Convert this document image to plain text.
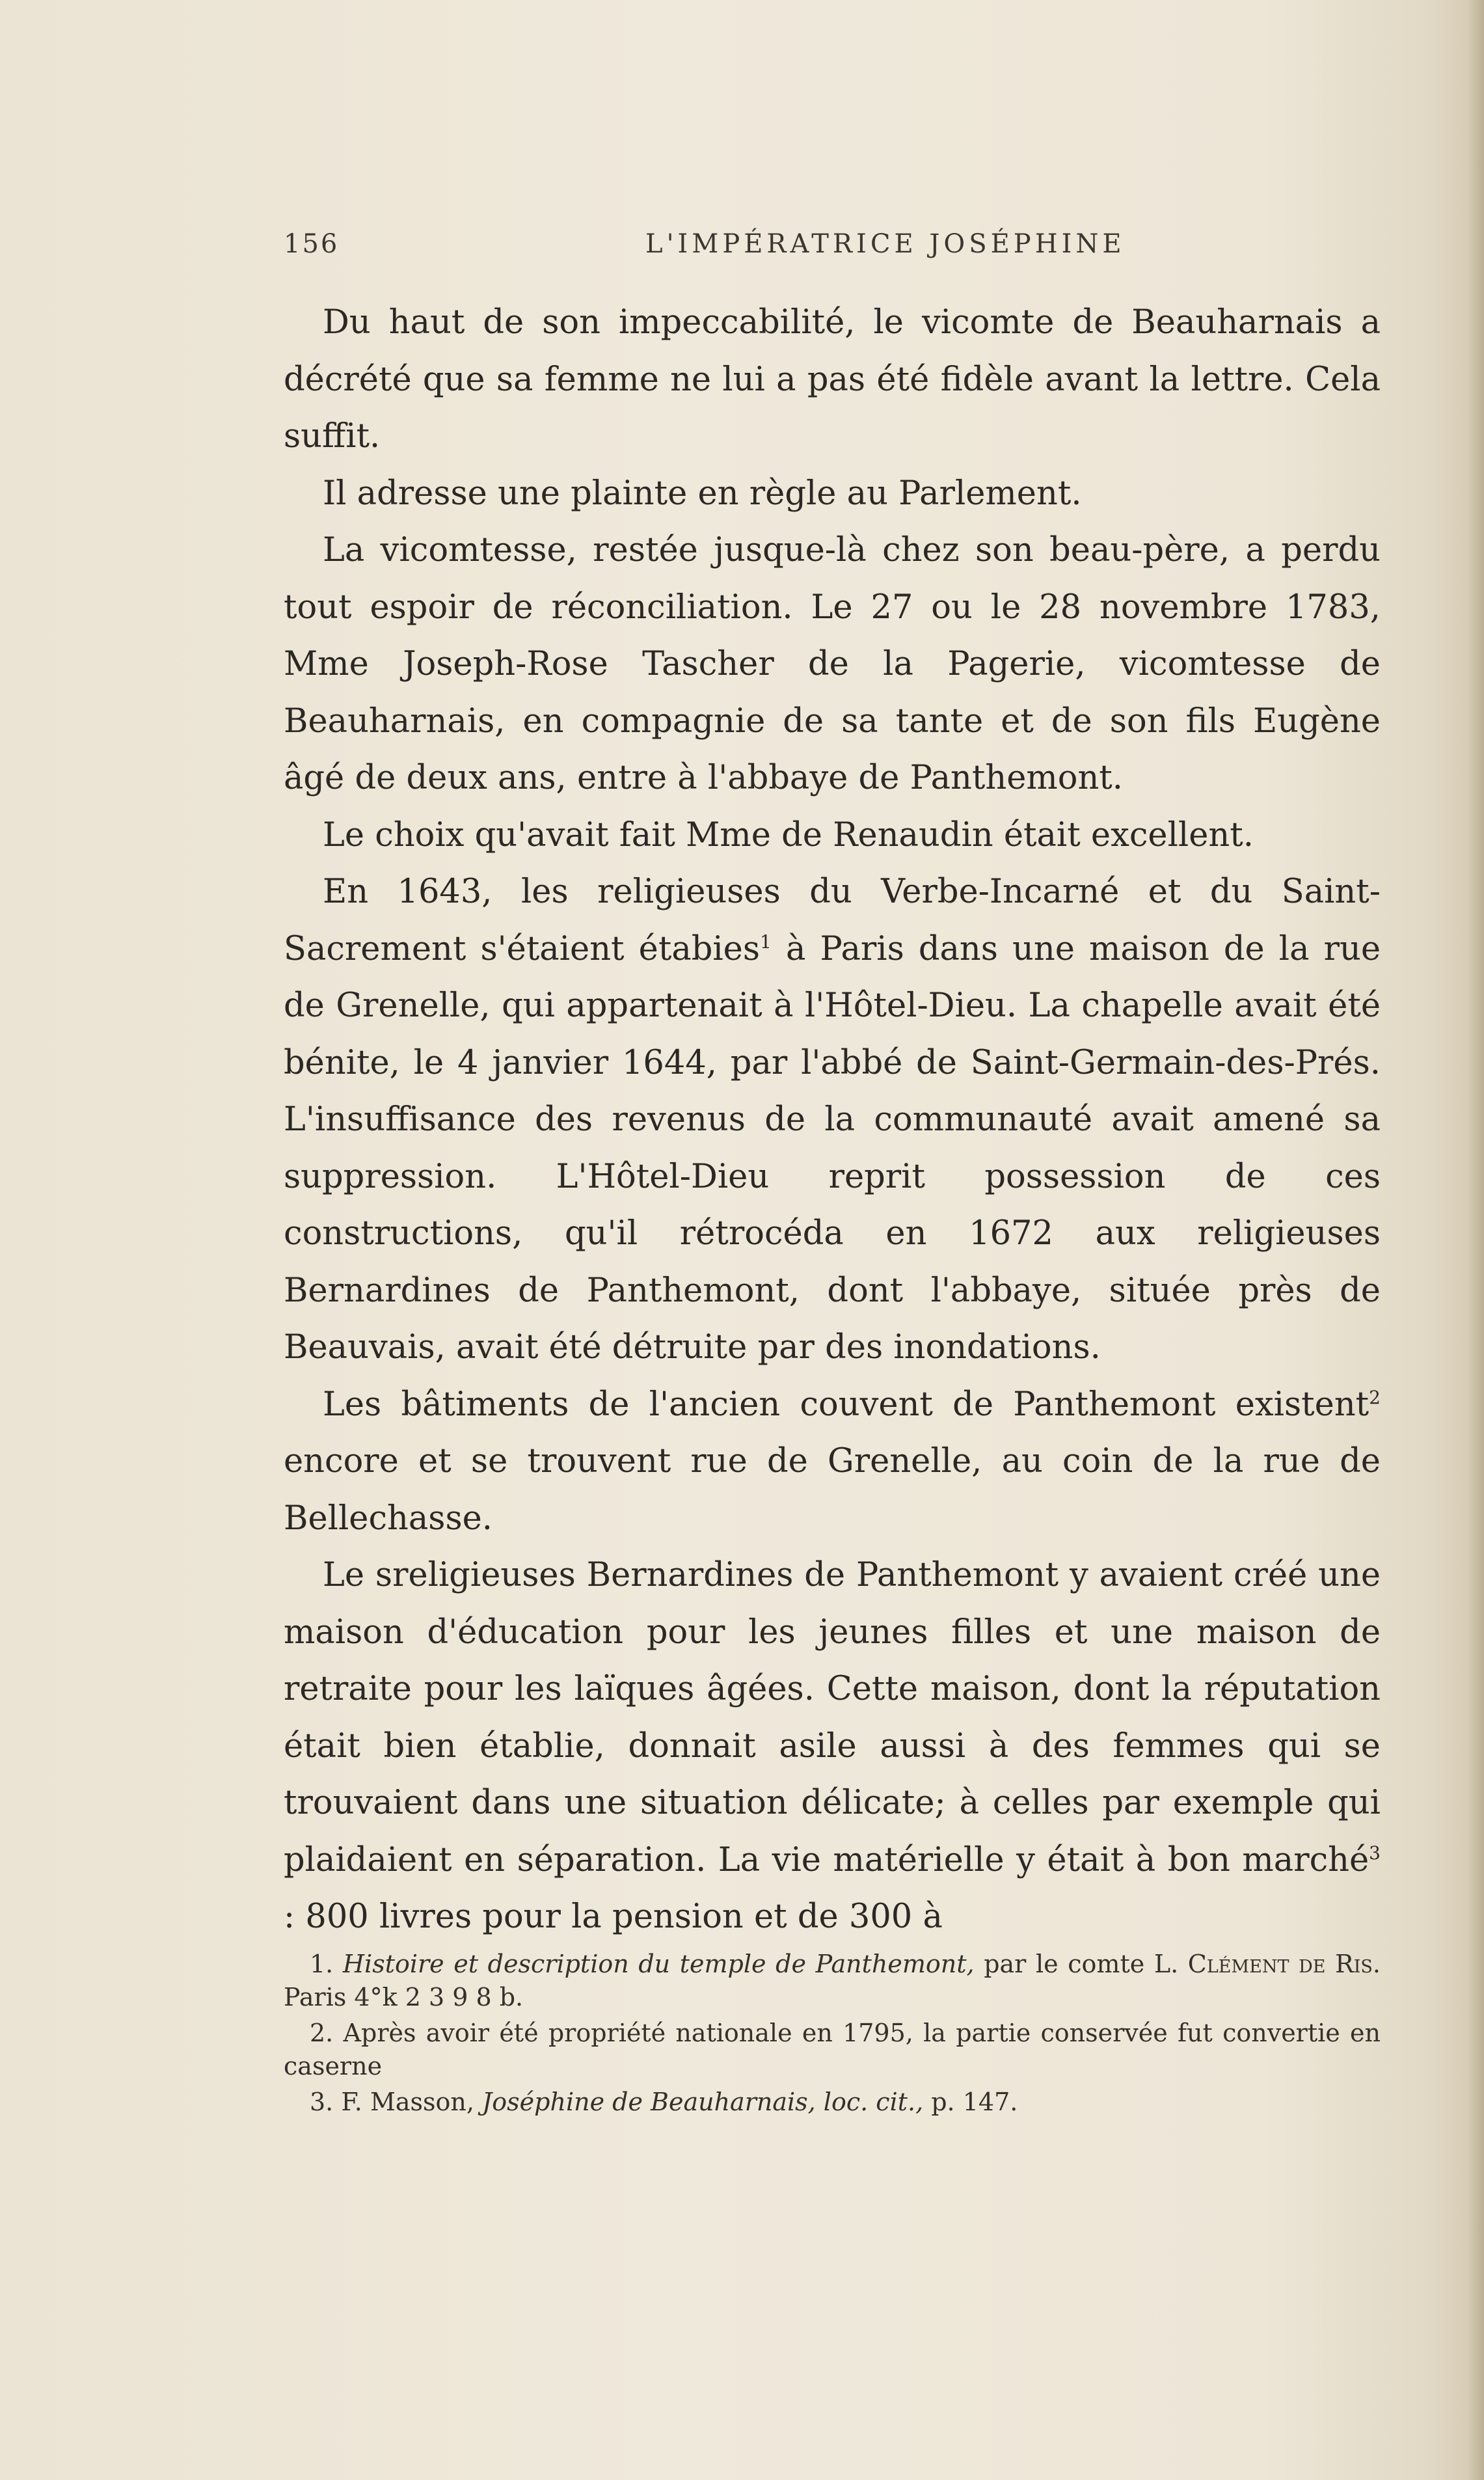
156	L'IMPÉRATRICE JOSÉPHINE

Du haut de son impeccabilité, le vicomte de Beauharnais a décrété que sa femme ne lui a pas été fidèle avant la lettre. Cela suffit.

Il adresse une plainte en règle au Parlement.

La vicomtesse, restée jusque-là chez son beau-père, a perdu tout espoir de réconciliation. Le 27 ou le 28 novembre 1783, Mme Joseph-Rose Tascher de la Pagerie, vicomtesse de Beauharnais, en compagnie de sa tante et de son fils Eugène âgé de deux ans, entre à l'abbaye de Panthemont.

Le choix qu'avait fait Mme de Renaudin était excellent.

En 1643, les religieuses du Verbe-Incarné et du Saint-Sacrement s'étaient étabies$^1$ à Paris dans une maison de la rue de Grenelle, qui appartenait à l'Hôtel-Dieu. La chapelle avait été bénite, le 4 janvier 1644, par l'abbé de Saint-Germain-des-Prés. L'insuffisance des revenus de la communauté avait amené sa suppression. L'Hôtel-Dieu reprit possession de ces constructions, qu'il rétrocéda en 1672 aux religieuses Bernardines de Panthemont, dont l'abbaye, située près de Beauvais, avait été détruite par des inondations.

Les bâtiments de l'ancien couvent de Panthemont existent$^2$ encore et se trouvent rue de Grenelle, au coin de la rue de Bellechasse.

Le sreligieuses Bernardines de Panthemont y avaient créé une maison d'éducation pour les jeunes filles et une maison de retraite pour les laïques âgées. Cette maison, dont la réputation était bien établie, donnait asile aussi à des femmes qui se trouvaient dans une situation délicate; à celles par exemple qui plaidaient en séparation. La vie matérielle y était à bon marché$^3$ : 800 livres pour la pension et de 300 à

1. Histoire et description du temple de Panthemont, par le comte L. Clément de Ris. Paris 4°k 2 3 9 8 b.

2. Après avoir été propriété nationale en 1795, la partie conservée fut convertie en caserne

3. F. Masson, Joséphine de Beauharnais, loc. cit., p. 147.
